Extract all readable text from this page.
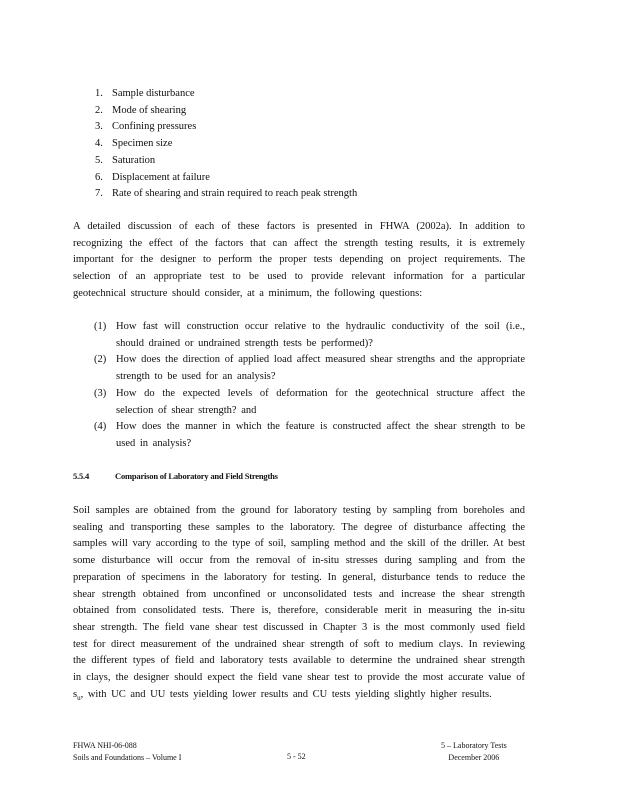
1. Sample disturbance
2. Mode of shearing
3. Confining pressures
4. Specimen size
5. Saturation
6. Displacement at failure
7. Rate of shearing and strain required to reach peak strength

A detailed discussion of each of these factors is presented in FHWA (2002a). In addition to recognizing the effect of the factors that can affect the strength testing results, it is extremely important for the designer to perform the proper tests depending on project requirements. The selection of an appropriate test to be used to provide relevant information for a particular geotechnical structure should consider, at a minimum, the following questions:

(1) How fast will construction occur relative to the hydraulic conductivity of the soil (i.e., should drained or undrained strength tests be performed)?
(2) How does the direction of applied load affect measured shear strengths and the appropriate strength to be used for an analysis?
(3) How do the expected levels of deformation for the geotechnical structure affect the selection of shear strength? and
(4) How does the manner in which the feature is constructed affect the shear strength to be used in analysis?
5.5.4	Comparison of Laboratory and Field Strengths

Soil samples are obtained from the ground for laboratory testing by sampling from boreholes and sealing and transporting these samples to the laboratory. The degree of disturbance affecting the samples will vary according to the type of soil, sampling method and the skill of the driller. At best some disturbance will occur from the removal of in-situ stresses during sampling and from the preparation of specimens in the laboratory for testing. In general, disturbance tends to reduce the shear strength obtained from unconfined or unconsolidated tests and increase the shear strength obtained from consolidated tests. There is, therefore, considerable merit in measuring the in-situ shear strength. The field vane shear test discussed in Chapter 3 is the most commonly used field test for direct measurement of the undrained shear strength of soft to medium clays. In reviewing the different types of field and laboratory tests available to determine the undrained shear strength in clays, the designer should expect the field vane shear test to provide the most accurate value of $s_u$, with UC and UU tests yielding lower results and CU tests yielding slightly higher results.

FHWA NHI-06-088
Soils and Foundations – Volume I	5 - 52
5 – Laboratory Tests
December 2006
